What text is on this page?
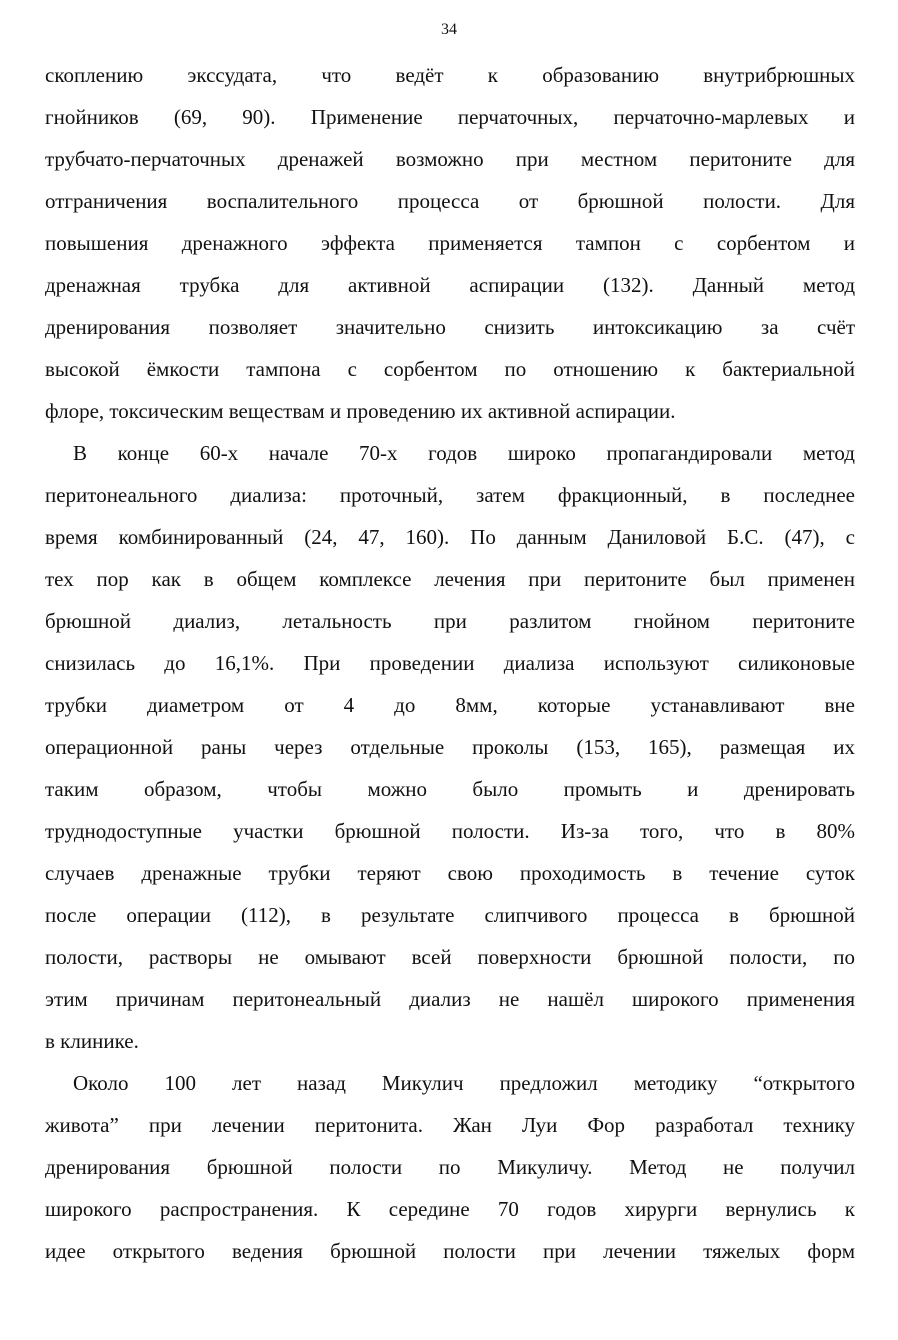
34
скоплению экссудата, что ведёт к образованию внутрибрюшных
гнойников (69, 90). Применение перчаточных, перчаточно-марлевых и
трубчато-перчаточных дренажей возможно при местном перитоните для
отграничения воспалительного процесса от брюшной полости. Для
повышения дренажного эффекта применяется тампон с сорбентом и
дренажная трубка для активной аспирации (132). Данный метод
дренирования позволяет значительно снизить интоксикацию за счёт
высокой ёмкости тампона с сорбентом по отношению к бактериальной
флоре, токсическим веществам и проведению их активной аспирации.
В конце 60-х начале 70-х годов широко пропагандировали метод
перитонеального диализа: проточный, затем фракционный, в последнее
время комбинированный (24, 47, 160). По данным Даниловой Б.С. (47), с
тех пор как в общем комплексе лечения при перитоните был применен
брюшной диализ, летальность при разлитом гнойном перитоните
снизилась до 16,1%. При проведении диализа используют силиконовые
трубки диаметром от 4 до 8мм, которые устанавливают вне
операционной раны через отдельные проколы (153, 165), размещая их
таким образом, чтобы можно было промыть и дренировать
труднодоступные участки брюшной полости. Из-за того, что в 80%
случаев дренажные трубки теряют свою проходимость в течение суток
после операции (112), в результате слипчивого процесса в брюшной
полости, растворы не омывают всей поверхности брюшной полости, по
этим причинам перитонеальный диализ не нашёл широкого применения
в клинике.
Около 100 лет назад Микулич предложил методику “открытого
живота” при лечении перитонита. Жан Луи Фор разработал технику
дренирования брюшной полости по Микуличу. Метод не получил
широкого распространения. К середине 70 годов хирурги вернулись к
идее открытого ведения брюшной полости при лечении тяжелых форм
